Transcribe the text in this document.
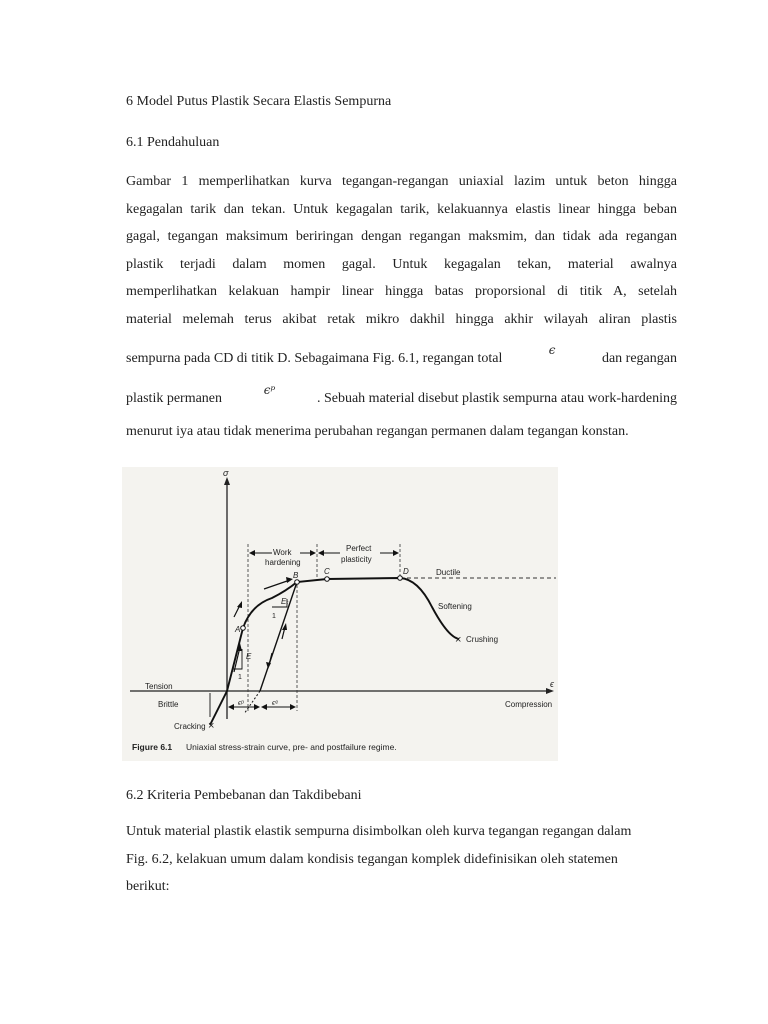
6 Model Putus Plastik Secara Elastis Sempurna
6.1 Pendahuluan
Gambar 1 memperlihatkan kurva tegangan-regangan uniaxial lazim untuk beton hingga
kegagalan tarik dan tekan. Untuk kegagalan tarik, kelakuannya elastis linear hingga beban
gagal, tegangan maksimum beriringan dengan regangan maksmim, dan tidak ada regangan
plastik terjadi dalam momen gagal. Untuk kegagalan tekan, material awalnya
memperlihatkan kelakuan hampir linear hingga batas proporsional di titik A, setelah
material melemah terus akibat retak mikro dakhil hingga akhir wilayah aliran plastis
sempurna pada CD di titik D. Sebagaimana Fig. 6.1, regangan total
ϵ
dan regangan
plastik permanen
ϵᵖ
. Sebuah material disebut plastik sempurna atau work-hardening
menurut iya atau tidak menerima perubahan regangan permanen dalam tegangan konstan.
σ
ϵ
×
×
Work
hardening
Perfect
plasticity
Ductile
Softening
Crushing
Tension
Brittle
Cracking
Compression
A
B	C	D
E
Eₜ
1
1
ϵᵖ	ϵᵉ
Figure 6.1 Uniaxial stress-strain curve, pre- and postfailure regime.
6.2 Kriteria Pembebanan dan Takdibebani
Untuk material plastik elastik sempurna disimbolkan oleh kurva tegangan regangan dalam
Fig. 6.2, kelakuan umum dalam kondisis tegangan komplek didefinisikan oleh statemen
berikut:
